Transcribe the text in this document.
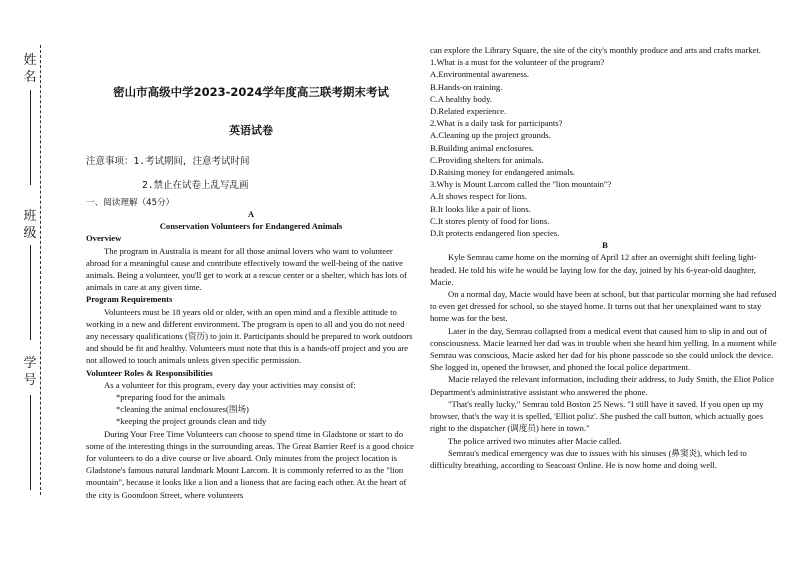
姓名
班级
学号
密山市高级中学2023-2024学年度高三联考期末考试
英语试卷
注意事项：1.考试期间，注意考试时间
2.禁止在试卷上乱写乱画
一、阅读理解（45分）

A

Conservation Volunteers for Endangered Animals

Overview

The program in Australia is meant for all those animal lovers who want to volunteer abroad for a meaningful cause and contribute effectively toward the well-being of the native animals. Being a volunteer, you'll get to work at a rescue center or a shelter, which has lots of animals in care at any given time.

Program Requirements

Volunteers must be 18 years old or older, with an open mind and a flexible attitude to working in a new and different environment. The program is open to all and you do not need any necessary qualifications (资历) to join it. Participants should be prepared to work outdoors and should be fit and healthy. Volunteers must note that this is a hands-off project and you are not allowed to touch animals unless given specific permission.

Volunteer Roles & Responsibilities

As a volunteer for this program, every day your activities may consist of:

*preparing food for the animals

*cleaning the animal enclosures(围场)

*keeping the project grounds clean and tidy

During Your Free Time Volunteers can choose to spend time in Gladstone or start to do some of the interesting things in the surrounding areas. The Great Barrier Reef is a good choice for volunteers to do a dive course or live aboard. Only minutes from the project location is Gladstone's famous natural landmark Mount Larcom. It is commonly referred to as the "lion mountain", because it looks like a lion and a lioness that are facing each other. At the heart of the city is Goondoon Street, where volunteers

can explore the Library Square, the site of the city's monthly produce and arts and crafts market.

1.What is a must for the volunteer of the program?

A.Environmental awareness.

B.Hands-on training.

C.A healthy body.

D.Related experience.

2.What is a daily task for participants?

A.Cleaning up the project grounds.

B.Building animal enclosures.

C.Providing shelters for animals.

D.Raising money for endangered animals.

3.Why is Mount Larcom called the "lion mountain"?

A.It shows respect for lions.

B.It looks like a pair of lions.

C.It stores plenty of food for lions.

D.It protects endangered lion species.

B

Kyle Semrau came home on the morning of April 12 after an overnight shift feeling light-headed. He told his wife he would be laying low for the day, joined by his 6-year-old daughter, Macie.

On a normal day, Macie would have been at school, but that particular morning she had refused to even get dressed for school, so she stayed home. It turns out that her unexplained want to stay home was for the best.

Later in the day, Semrau collapsed from a medical event that caused him to slip in and out of consciousness. Macie learned her dad was in trouble when she heard him yelling. In a moment while Semrau was conscious, Macie asked her dad for his phone passcode so she could unlock the device. She logged in, opened the browser, and phoned the local police department.

Macie relayed the relevant information, including their address, to Judy Smith, the Eliot Police Department's administrative assistant who answered the phone.

"That's really lucky," Semrau told Boston 25 News. "I still have it saved. If you open up my browser, that's the way it is spelled, 'Elliot poliz'. She pushed the call button, which actually goes right to the dispatcher (调度员) here in town."

The police arrived two minutes after Macie called.

Semrau's medical emergency was due to issues with his sinuses (鼻窦炎), which led to difficulty breathing, according to Seacoast Online. He is now home and doing well.
